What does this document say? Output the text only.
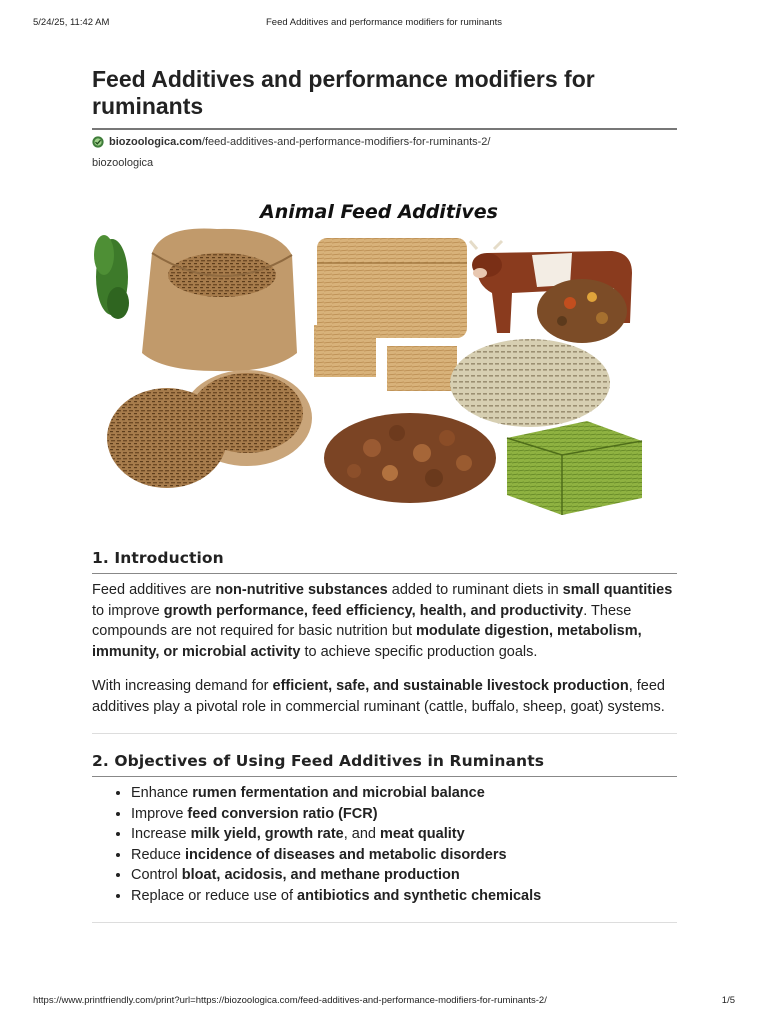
5/24/25, 11:42 AM	Feed Additives and performance modifiers for ruminants
Feed Additives and performance modifiers for ruminants
biozoologica.com /feed-additives-and-performance-modifiers-for-ruminants-2/
biozoologica
Animal Feed Additives
1. Introduction

Feed additives are non-nutritive substances added to ruminant diets in small quantities to improve growth performance, feed efficiency, health, and productivity. These compounds are not required for basic nutrition but modulate digestion, metabolism, immunity, or microbial activity to achieve specific production goals.

With increasing demand for efficient, safe, and sustainable livestock production, feed additives play a pivotal role in commercial ruminant (cattle, buffalo, sheep, goat) systems.

2. Objectives of Using Feed Additives in Ruminants
• Enhance rumen fermentation and microbial balance
• Improve feed conversion ratio (FCR)
• Increase milk yield, growth rate, and meat quality
• Reduce incidence of diseases and metabolic disorders
• Control bloat, acidosis, and methane production
• Replace or reduce use of antibiotics and synthetic chemicals
https://www.printfriendly.com/print?url=https://biozoologica.com/feed-additives-and-performance-modifiers-for-ruminants-2/	1/5
